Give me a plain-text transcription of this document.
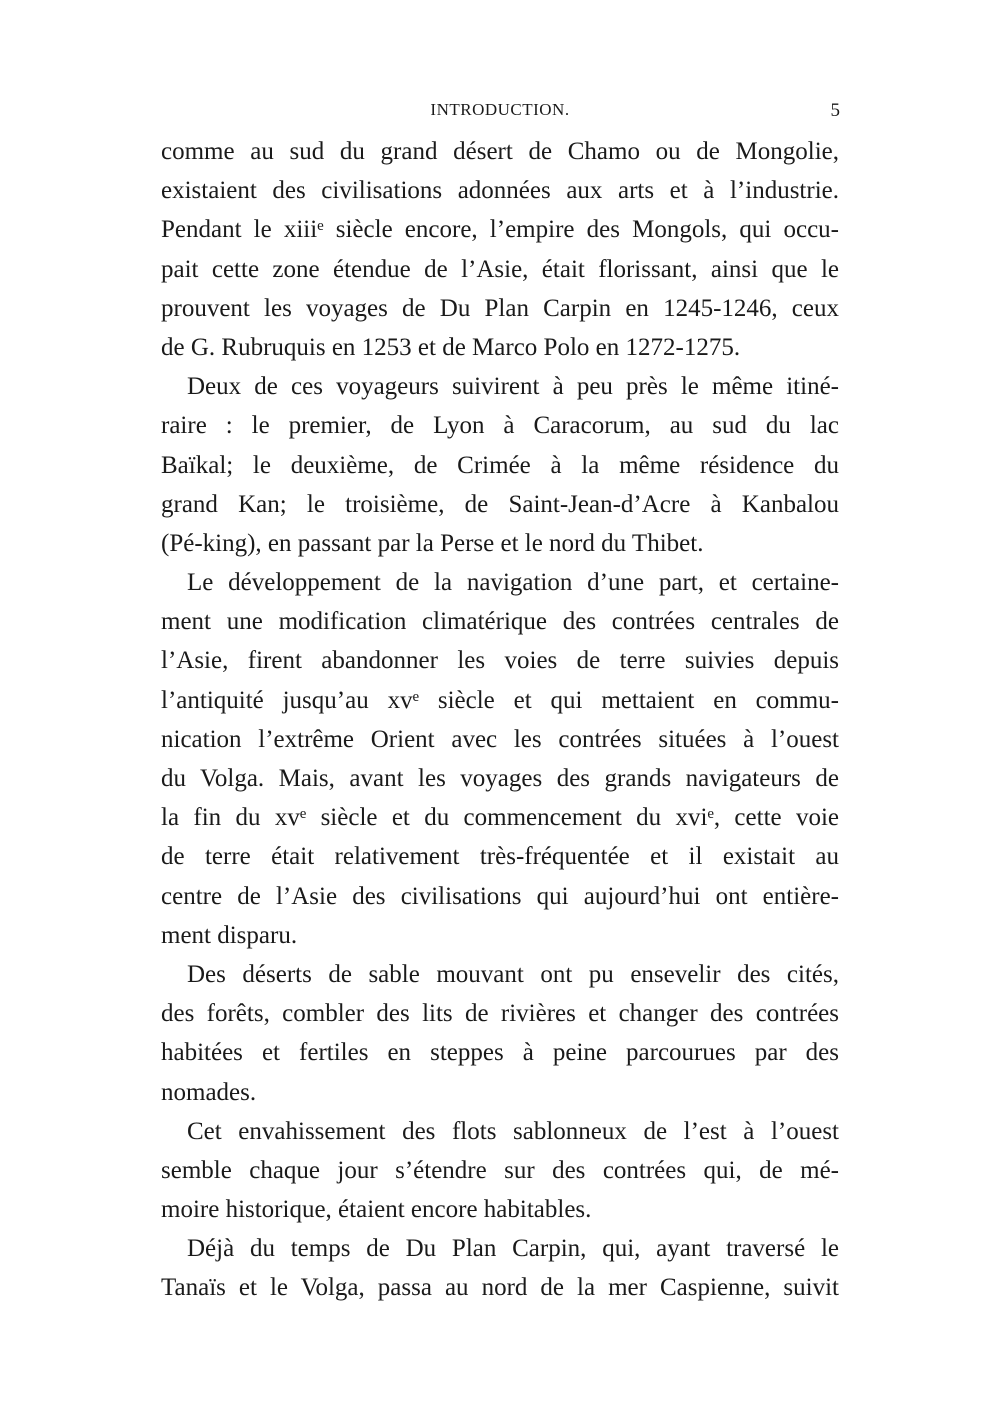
INTRODUCTION.	5
comme au sud du grand désert de Chamo ou de Mongolie,
existaient des civilisations adonnées aux arts et à l’industrie.
Pendant le xiiiᵉ siècle encore, l’empire des Mongols, qui occu-
pait cette zone étendue de l’Asie, était florissant, ainsi que le
prouvent les voyages de Du Plan Carpin en 1245-1246, ceux
de G. Rubruquis en 1253 et de Marco Polo en 1272-1275.
Deux de ces voyageurs suivirent à peu près le même itiné-
raire : le premier, de Lyon à Caracorum, au sud du lac
Baïkal; le deuxième, de Crimée à la même résidence du
grand Kan; le troisième, de Saint-Jean-d’Acre à Kanbalou
(Pé-king), en passant par la Perse et le nord du Thibet.
Le développement de la navigation d’une part, et certaine-
ment une modification climatérique des contrées centrales de
l’Asie, firent abandonner les voies de terre suivies depuis
l’antiquité jusqu’au xvᵉ siècle et qui mettaient en commu-
nication l’extrême Orient avec les contrées situées à l’ouest
du Volga. Mais, avant les voyages des grands navigateurs de
la fin du xvᵉ siècle et du commencement du xviᵉ, cette voie
de terre était relativement très-fréquentée et il existait au
centre de l’Asie des civilisations qui aujourd’hui ont entière-
ment disparu.
Des déserts de sable mouvant ont pu ensevelir des cités,
des forêts, combler des lits de rivières et changer des contrées
habitées et fertiles en steppes à peine parcourues par des
nomades.
Cet envahissement des flots sablonneux de l’est à l’ouest
semble chaque jour s’étendre sur des contrées qui, de mé-
moire historique, étaient encore habitables.
Déjà du temps de Du Plan Carpin, qui, ayant traversé le
Tanaïs et le Volga, passa au nord de la mer Caspienne, suivit
